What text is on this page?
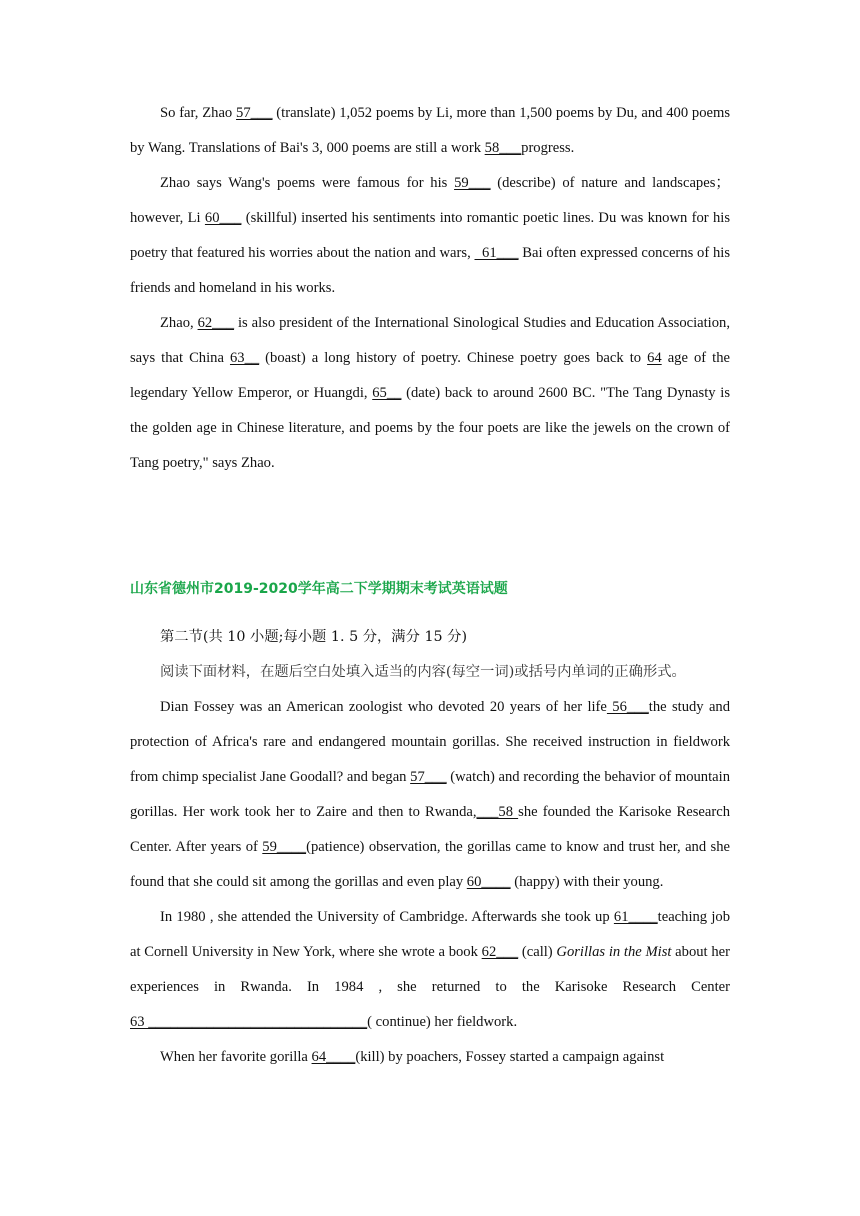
So far, Zhao 57___ (translate) 1,052 poems by Li, more than 1,500 poems by Du, and 400 poems by Wang. Translations of Bai's 3, 000 poems are still a work 58___progress.

Zhao says Wang's poems were famous for his 59___ (describe) of nature and landscapes；however, Li 60___ (skillful) inserted his sentiments into romantic poetic lines. Du was known for his poetry that featured his worries about the nation and wars,   61___ Bai often expressed concerns of his friends and homeland in his works.

Zhao, 62___ is also president of the International Sinological Studies and Education Association, says that China 63__ (boast) a long history of poetry. Chinese poetry goes back to 64 age of the legendary Yellow Emperor, or Huangdi, 65__ (date) back to around 2600 BC. "The Tang Dynasty is the golden age in Chinese literature, and poems by the four poets are like the jewels on the crown of Tang poetry," says Zhao.

山东省德州市2019-2020学年高二下学期期末考试英语试题

第二节(共 10 小题;每小题 1. 5 分，满分 15 分)

阅读下面材料，在题后空白处填入适当的内容(每空一词)或括号内单词的正确形式。

Dian Fossey was an American zoologist who devoted 20 years of her life 56___the study and protection of Africa's rare and endangered mountain gorillas. She received instruction in fieldwork from chimp specialist Jane Goodall? and began 57___ (watch) and recording the behavior of mountain gorillas. Her work took her to Zaire and then to Rwanda,___58 she founded the Karisoke Research Center. After years of 59____(patience) observation, the gorillas came to know and trust her, and she found that she could sit among the gorillas and even play 60____ (happy) with their young.

In 1980 , she attended the University of Cambridge. Afterwards she took up 61____teaching job at Cornell University in New York, where she wrote a book 62___ (call) Gorillas in the Mist about her experiences in Rwanda. In 1984 , she returned to the Karisoke Research Center 63 ______________________________( continue) her fieldwork.

When her favorite gorilla 64____(kill) by poachers, Fossey started a campaign against
